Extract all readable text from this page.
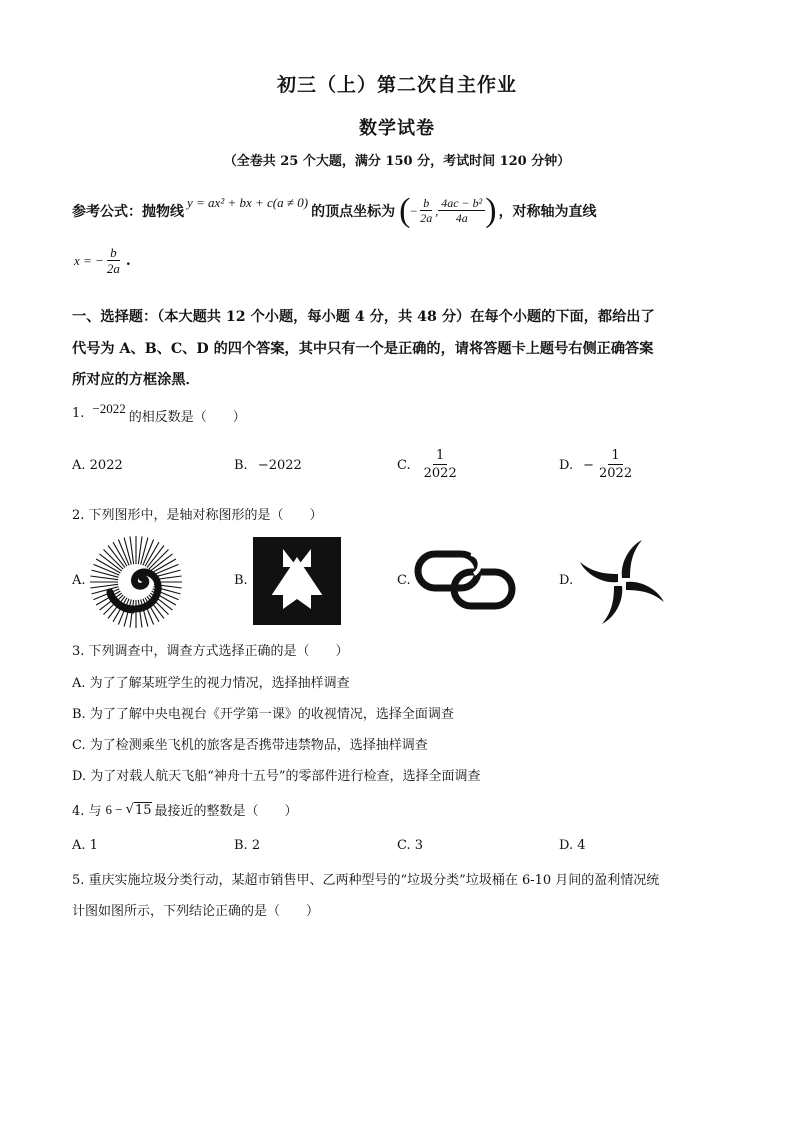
初三（上）第二次自主作业
数学试卷
（全卷共 25 个大题，满分 150 分，考试时间 120 分钟）
参考公式：抛物线
y = ax² + bx + c(a ≠ 0)
的顶点坐标为 ( − $\frac{b}{2a}$ , $\frac{\text{4ac − b²}}{4a}$ ) ，对称轴为直线
x = − $\frac{b}{2a}$ .
一、选择题：（本大题共 12 个小题，每小题 4 分，共 48 分）在每个小题的下面，都给出了
代号为 A、B、C、D 的四个答案，其中只有一个是正确的，请将答题卡上题号右侧正确答案
所对应的方框涂黑．
1. −2022
的相反数是（　　）
A. 2022	B. −2022	C. $\frac{1}{2022}$	D. − $\frac{1}{2022}$
2. 下列图形中，是轴对称图形的是（　　）
A.	B.	C.	D.
3. 下列调查中，调查方式选择正确的是（　　）
A. 为了了解某班学生的视力情况，选择抽样调查
B. 为了了解中央电视台《开学第一课》的收视情况，选择全面调查
C. 为了检测乘坐飞机的旅客是否携带违禁物品，选择抽样调查
D. 为了对载人航天飞船“神舟十五号”的零部件进行检查，选择全面调查
4. 与 6 − √ 15 最接近的整数是（　　）
A. 1	B. 2	C. 3	D. 4
5. 重庆实施垃圾分类行动，某超市销售甲、乙两种型号的“垃圾分类”垃圾桶在 6-10 月间的盈利情况统
计图如图所示，下列结论正确的是（　　）
